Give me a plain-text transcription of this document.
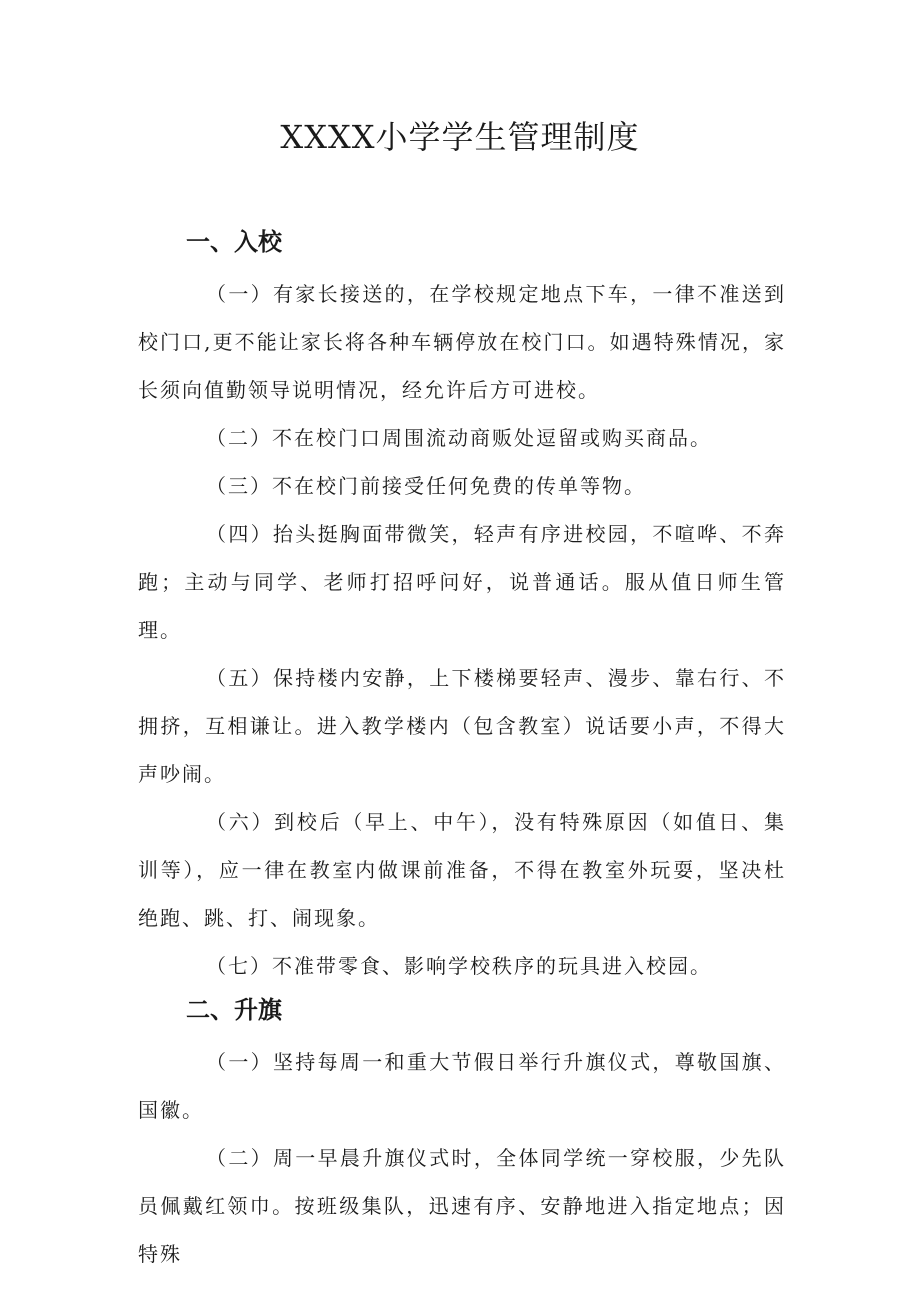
XXXX小学学生管理制度
一、入校

（一）有家长接送的，在学校规定地点下车，一律不准送到校门口,更不能让家长将各种车辆停放在校门口。如遇特殊情况，家长须向值勤领导说明情况，经允许后方可进校。

（二）不在校门口周围流动商贩处逗留或购买商品。

（三）不在校门前接受任何免费的传单等物。

（四）抬头挺胸面带微笑，轻声有序进校园，不喧哗、不奔跑；主动与同学、老师打招呼问好，说普通话。服从值日师生管理。

（五）保持楼内安静，上下楼梯要轻声、漫步、靠右行、不拥挤，互相谦让。进入教学楼内（包含教室）说话要小声，不得大声吵闹。

（六）到校后（早上、中午），没有特殊原因（如值日、集训等），应一律在教室内做课前准备，不得在教室外玩耍，坚决杜绝跑、跳、打、闹现象。

（七）不准带零食、影响学校秩序的玩具进入校园。

二、升旗

（一）坚持每周一和重大节假日举行升旗仪式，尊敬国旗、国徽。

（二）周一早晨升旗仪式时，全体同学统一穿校服，少先队员佩戴红领巾。按班级集队，迅速有序、安静地进入指定地点；因特殊
